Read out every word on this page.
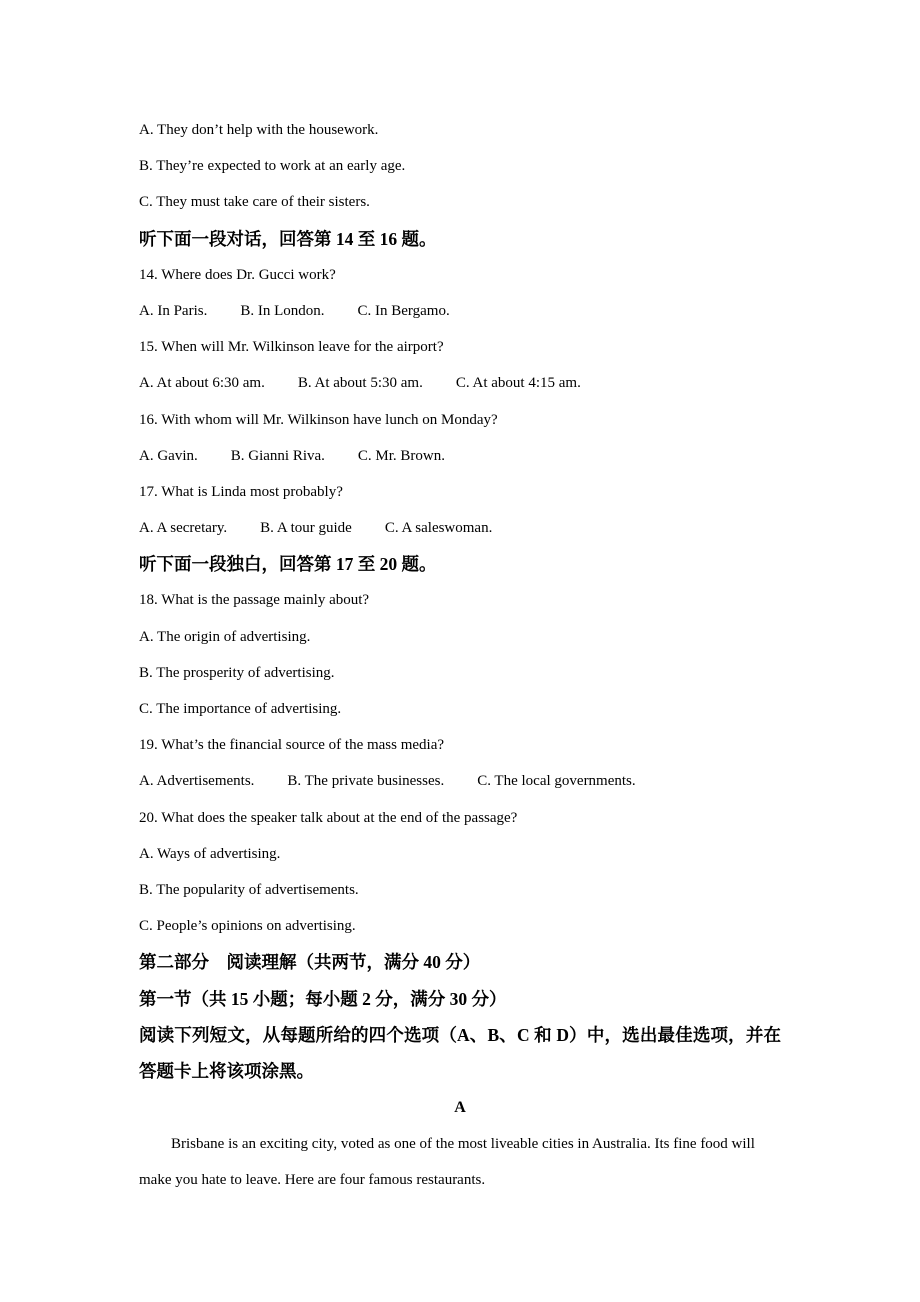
A. They don’t help with the housework.
B. They’re expected to work at an early age.
C. They must take care of their sisters.
听下面一段对话，回答第 14 至 16 题。
14. Where does Dr. Gucci work?
A. In Paris. B. In London. C. In Bergamo.
15. When will Mr. Wilkinson leave for the airport?
A. At about 6:30 am. B. At about 5:30 am. C. At about 4:15 am.
16. With whom will Mr. Wilkinson have lunch on Monday?
A. Gavin. B. Gianni Riva. C. Mr. Brown.
17. What is Linda most probably?
A. A secretary. B. A tour guide C. A saleswoman.
听下面一段独白，回答第 17 至 20 题。
18. What is the passage mainly about?
A. The origin of advertising.
B. The prosperity of advertising.
C. The importance of advertising.
19. What’s the financial source of the mass media?
A. Advertisements. B. The private businesses. C. The local governments.
20. What does the speaker talk about at the end of the passage?
A. Ways of advertising.
B. The popularity of advertisements.
C. People’s opinions on advertising.
第二部分　阅读理解（共两节，满分 40 分）
第一节（共 15 小题；每小题 2 分，满分 30 分）
阅读下列短文，从每题所给的四个选项（A、B、C 和 D）中，选出最佳选项，并在答题卡上将该项涂黑。
A
Brisbane is an exciting city, voted as one of the most liveable cities in Australia. Its fine food will make you hate to leave. Here are four famous restaurants.
